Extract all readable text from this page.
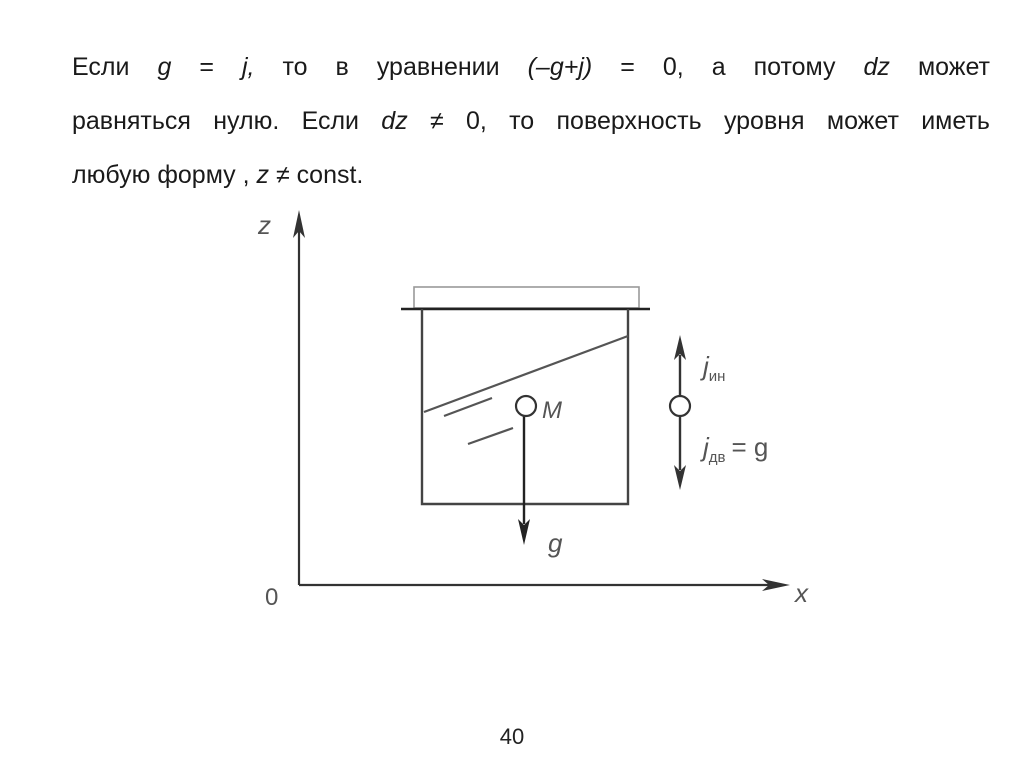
Если g = j, то в уравнении (–g+j) = 0, а потому dz может
равняться нулю. Если dz ≠ 0, то поверхность уровня может иметь
любую форму , z ≠ const.
z
x
0
M
g
$j_{ин}$
$j_{дв} = g$
40
